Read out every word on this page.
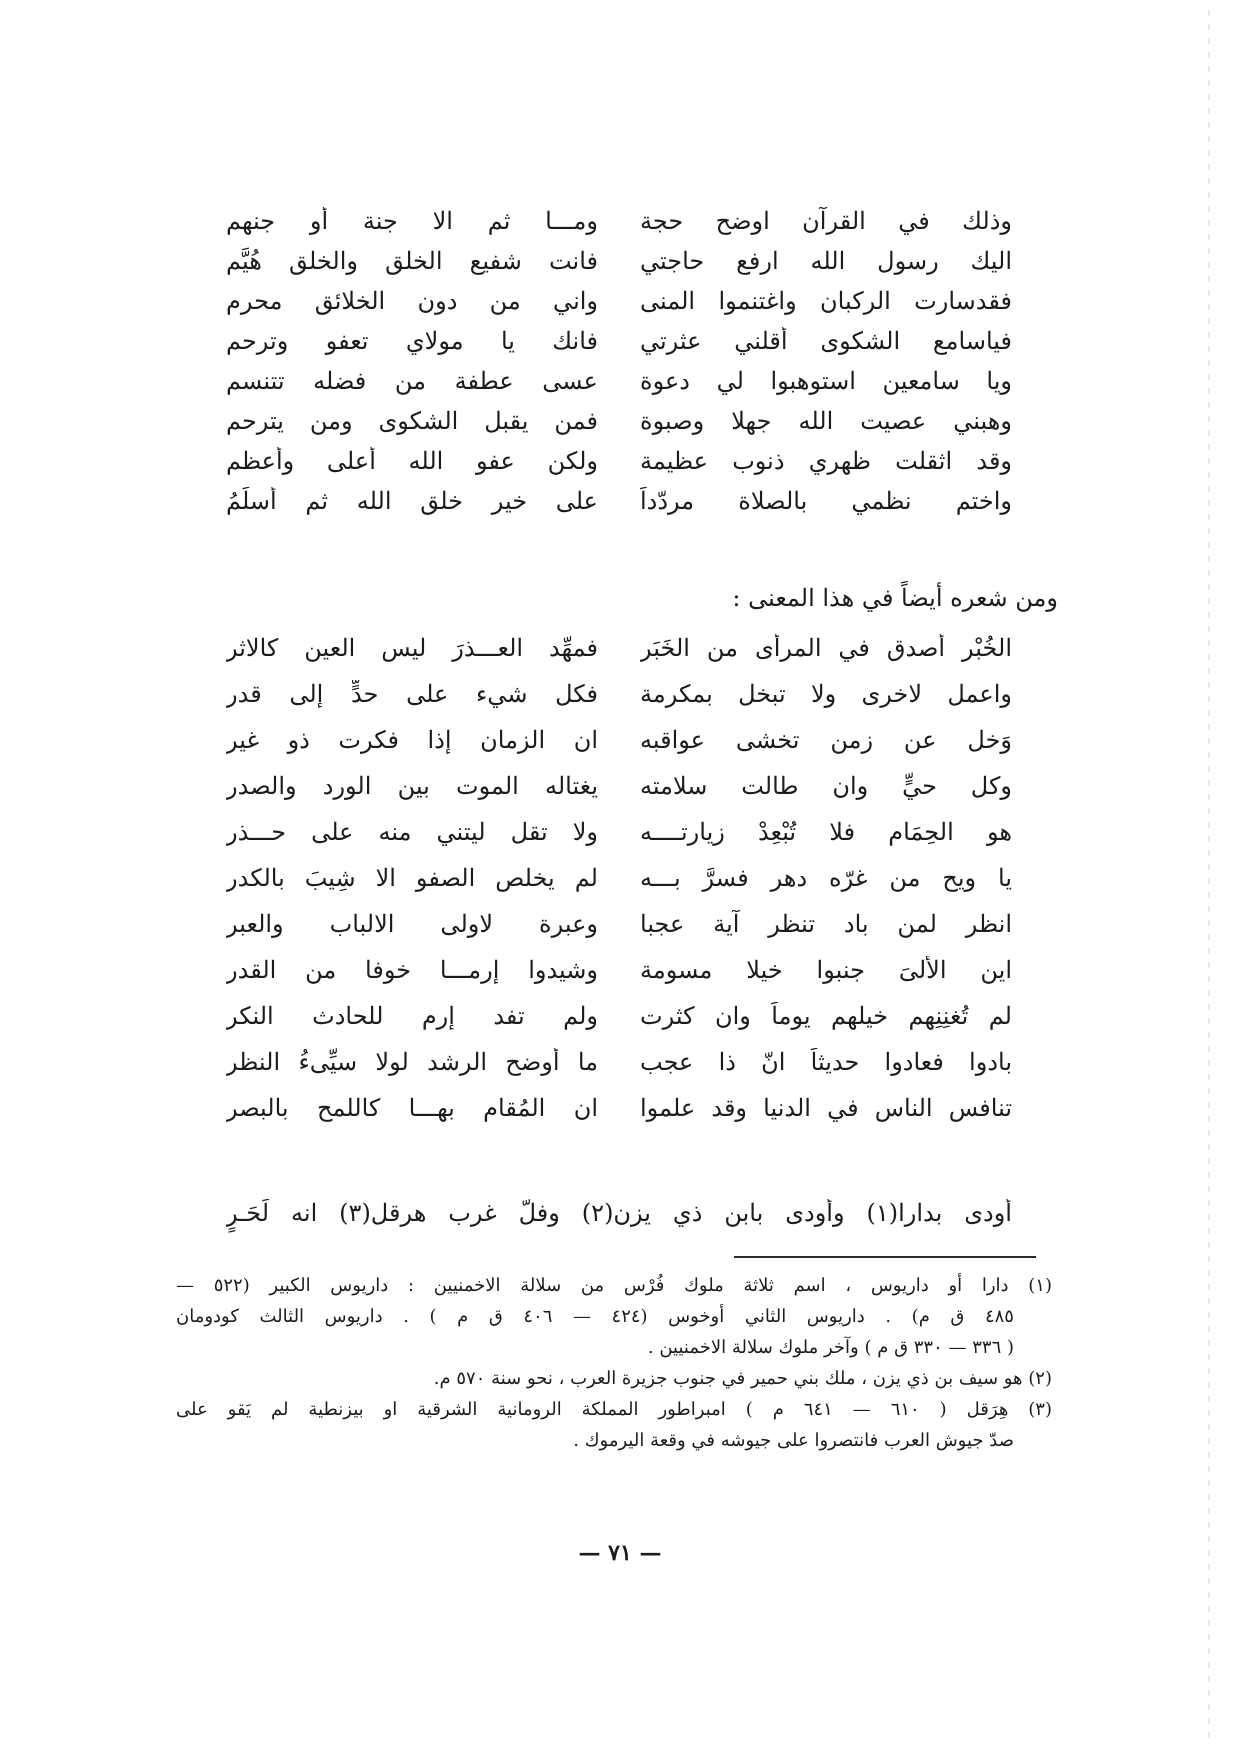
وذلك في القرآن اوضح حجة
ومـــا ثم الا جنة أو جنهم
اليك رسول الله ارفع حاجتي
فانت شفيع الخلق والخلق هُيَّم
فقدسارت الركبان واغتنموا المنى
واني من دون الخلائق محرم
فياسامع الشكوى أقلني عثرتي
فانك يا مولاي تعفو وترحم
ويا سامعين استوهبوا لي دعوة
عسى عطفة من فضله تتنسم
وهبني عصيت الله جهلا وصبوة
فمن يقبل الشكوى ومن يترحم
وقد اثقلت ظهري ذنوب عظيمة
ولكن عفو الله أعلى وأعظم
واختم نظمي بالصلاة مردّداً
على خير خلق الله ثم أسلِّمُ
ومن شعره أيضاً في هذا المعنى :
الخُبْر أصدق في المرأى من الخَبَر
فمهِّد العـــذرَ ليس العين كالاثر
واعمل لاخرى ولا تبخل بمكرمة
فكل شيء على حدٍّ إلى قدر
وَخل عن زمنٍ تخشى عواقبه
ان الزمان إذا فكرت ذو غيرٍ
وكل حيٍّ وان طالت سلامته
يغتاله الموت بين الورد والصدر
هو الحِمَام فلا تُبْعِدْ زيارتــــه
ولا تقل ليتني منه على حـــذر
يا ويح من غرّه دهر فسرَّ بـــه
لم يخلص الصفو الا شِيبَ بالكدر
انظر لمن باد تنظر آية عجبا
وعبرة لاولى الالباب والعبر
اين الألىَ جنبوا خيلا مسومة
وشيدوا إرمـــا خوفا من القدر
لم تُغنِنِهِم خيلهم يوماً وان كثرت
ولم تفد إرم للحادث النكر
بادوا فعادوا حديثاً انّ ذا عجب
ما أوضح الرشد لولا سيِّىءُ النظر
تنافس الناس في الدنيا وقد علموا
ان المُقام بهـــا كاللمح بالبصر
أودى بدارا(١) وأودى بابن ذي يزن(٢) وفلّ غرب هرقل(٣) انه لَحَـرٍ
(١) دارا أو داريوس ، اسم ثلاثة ملوك فُرْس من سلالة الاخمنيين : داريوس الكبير (٥٢٢ —
٤٨٥ ق م) . داريوس الثاني أوخوس (٤٢٤ — ٤٠٦ ق م ) . داريوس الثالث كودومان
( ٣٣٦ — ٣٣٠ ق م ) وآخر ملوك سلالة الاخمنيين .
(٢) هو سيف بن ذي يزن ، ملك بني حمير في جنوب جزيرة العرب ، نحو سنة ٥٧٠ م.
(٣) هِرَقل ( ٦١٠ — ٦٤١ م ) امبراطور المملكة الرومانية الشرقية او بيزنطية لم يَقو على
صدّ جيوش العرب فانتصروا على جيوشه في وقعة اليرموك .
— ٧١ —
